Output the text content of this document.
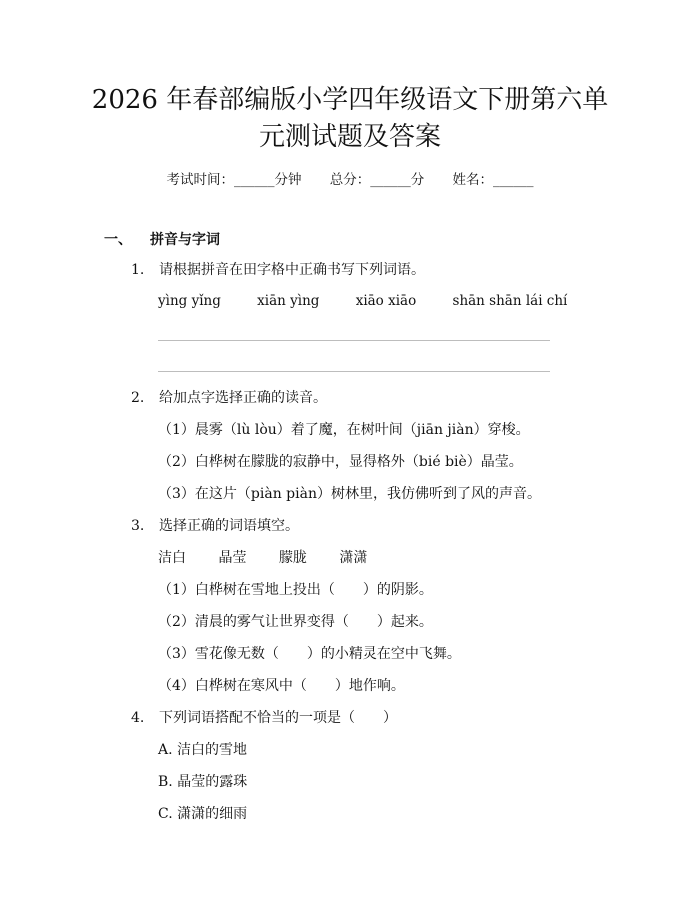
2026 年春部编版小学四年级语文下册第六单
元测试题及答案
考试时间：______分钟 总分：______分 姓名：______
一、 拼音与字词
1. 请根据拼音在田字格中正确书写下列词语。
yìng yǐng	xiān yìng	xiāo xiāo	shān shān lái chí
2. 给加点字选择正确的读音。
（1）晨雾（lù lòu）着了魔，在树叶间（jiān jiàn）穿梭。
（2）白桦树在朦胧的寂静中，显得格外（bié biè）晶莹。
（3）在这片（piàn piàn）树林里，我仿佛听到了风的声音。
3. 选择正确的词语填空。
洁白 晶莹 朦胧 潇潇
（1）白桦树在雪地上投出（　　）的阴影。
（2）清晨的雾气让世界变得（　　）起来。
（3）雪花像无数（　　）的小精灵在空中飞舞。
（4）白桦树在寒风中（　　）地作响。
4. 下列词语搭配不恰当的一项是（　　）
A. 洁白的雪地
B. 晶莹的露珠
C. 潇潇的细雨
